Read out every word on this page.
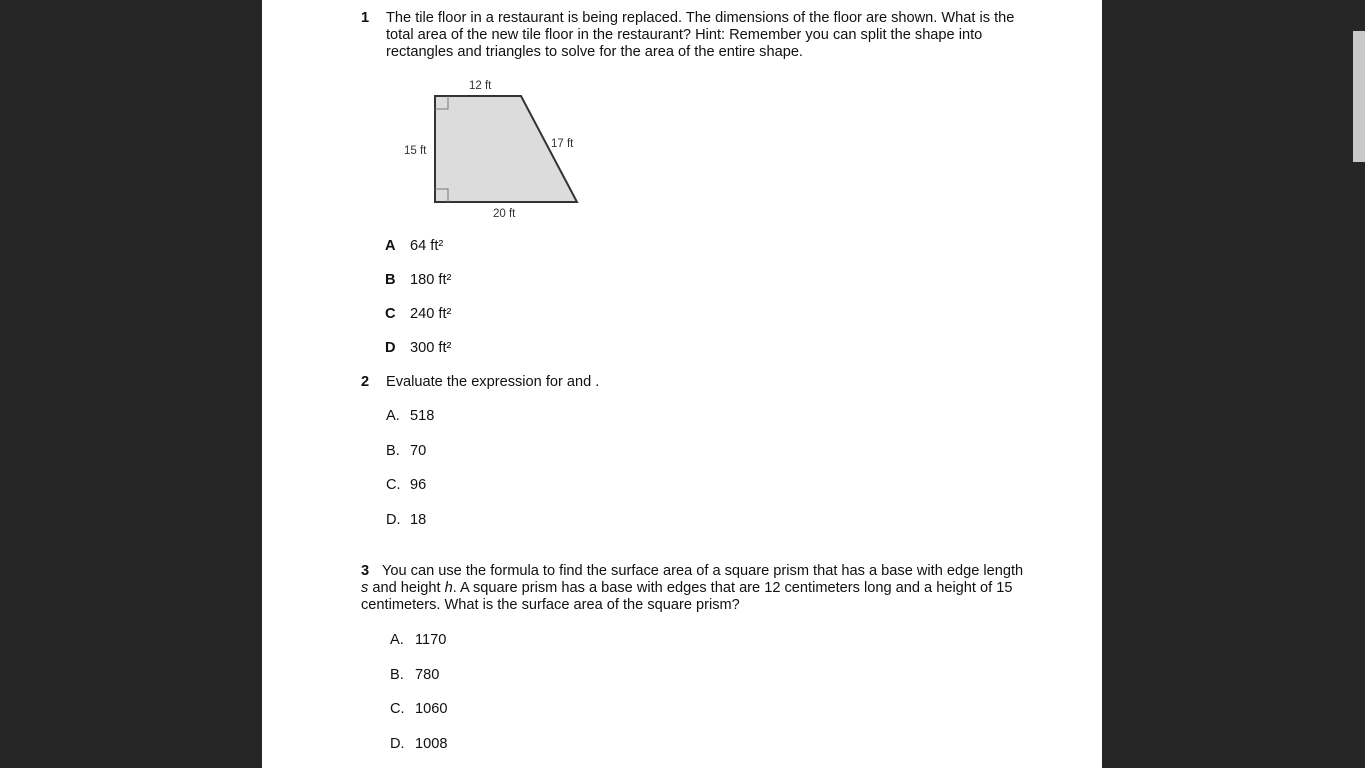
1 The tile floor in a restaurant is being replaced. The dimensions of the floor are shown. What is the
total area of the new tile floor in the restaurant? Hint: Remember you can split the shape into
rectangles and triangles to solve for the area of the entire shape.
12 ft
15 ft
17 ft
20 ft
A 64 ft²
B 180 ft²
C 240 ft²
D 300 ft²
2 Evaluate the expression for and .
A. 518
B. 70
C. 96
D. 18
3 You can use the formula to find the surface area of a square prism that has a base with edge length
s and height h. A square prism has a base with edges that are 12 centimeters long and a height of 15
centimeters. What is the surface area of the square prism?
A. 1170
B. 780
C. 1060
D. 1008
